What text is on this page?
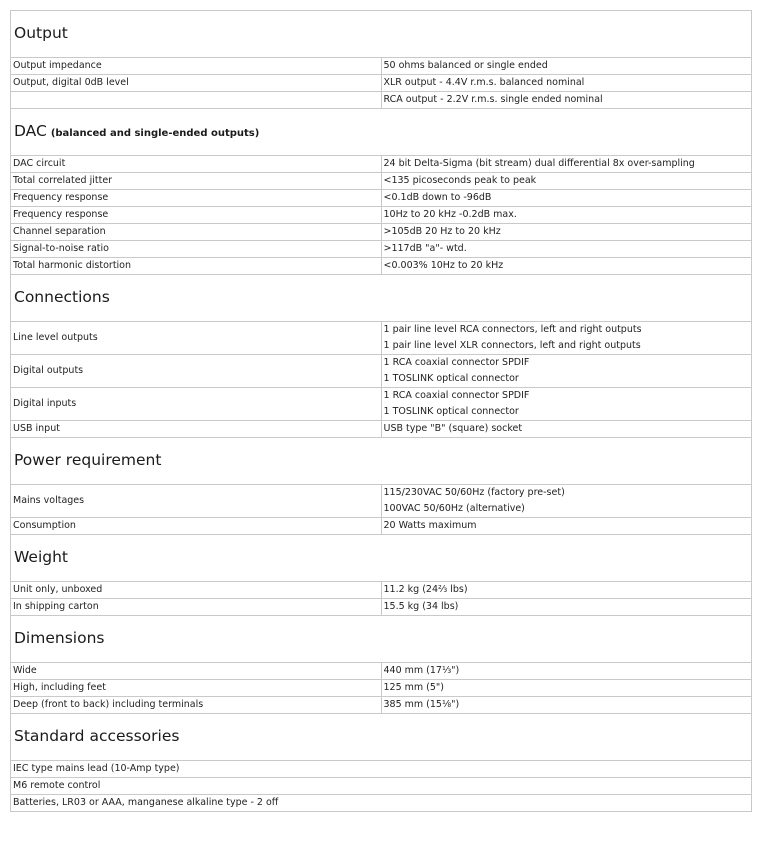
Output	
Output impedance	50 ohms balanced or single ended

Output, digital 0dB level	XLR output - 4.4V r.m.s. balanced nominal

	RCA output - 2.2V r.m.s. single ended nominal

DAC (balanced and single-ended outputs)	
DAC circuit	24 bit Delta-Sigma (bit stream) dual differential 8x over-sampling

Total correlated jitter	<135 picoseconds peak to peak

Frequency response	<0.1dB down to -96dB

Frequency response	10Hz to 20 kHz -0.2dB max.

Channel separation	>105dB 20 Hz to 20 kHz

Signal-to-noise ratio	>117dB "a"- wtd.

Total harmonic distortion	<0.003% 10Hz to 20 kHz

Connections	
Line level outputs	1 pair line level RCA connectors, left and right outputs
1 pair line level XLR connectors, left and right outputs

Digital outputs	1 RCA coaxial connector SPDIF
1 TOSLINK optical connector

Digital inputs	1 RCA coaxial connector SPDIF
1 TOSLINK optical connector

USB input	USB type "B" (square) socket

Power requirement	
Mains voltages	115/230VAC 50/60Hz (factory pre-set)
100VAC 50/60Hz (alternative)

Consumption	20 Watts maximum

Weight	
Unit only, unboxed	11.2 kg (24⅔ lbs)

In shipping carton	15.5 kg (34 lbs)

Dimensions	
Wide	440 mm (17⅓")

High, including feet	125 mm (5")

Deep (front to back) including terminals	385 mm (15⅛")

Standard accessories	
IEC type mains lead (10-Amp type)	
M6 remote control	
Batteries, LR03 or AAA, manganese alkaline type - 2 off	
